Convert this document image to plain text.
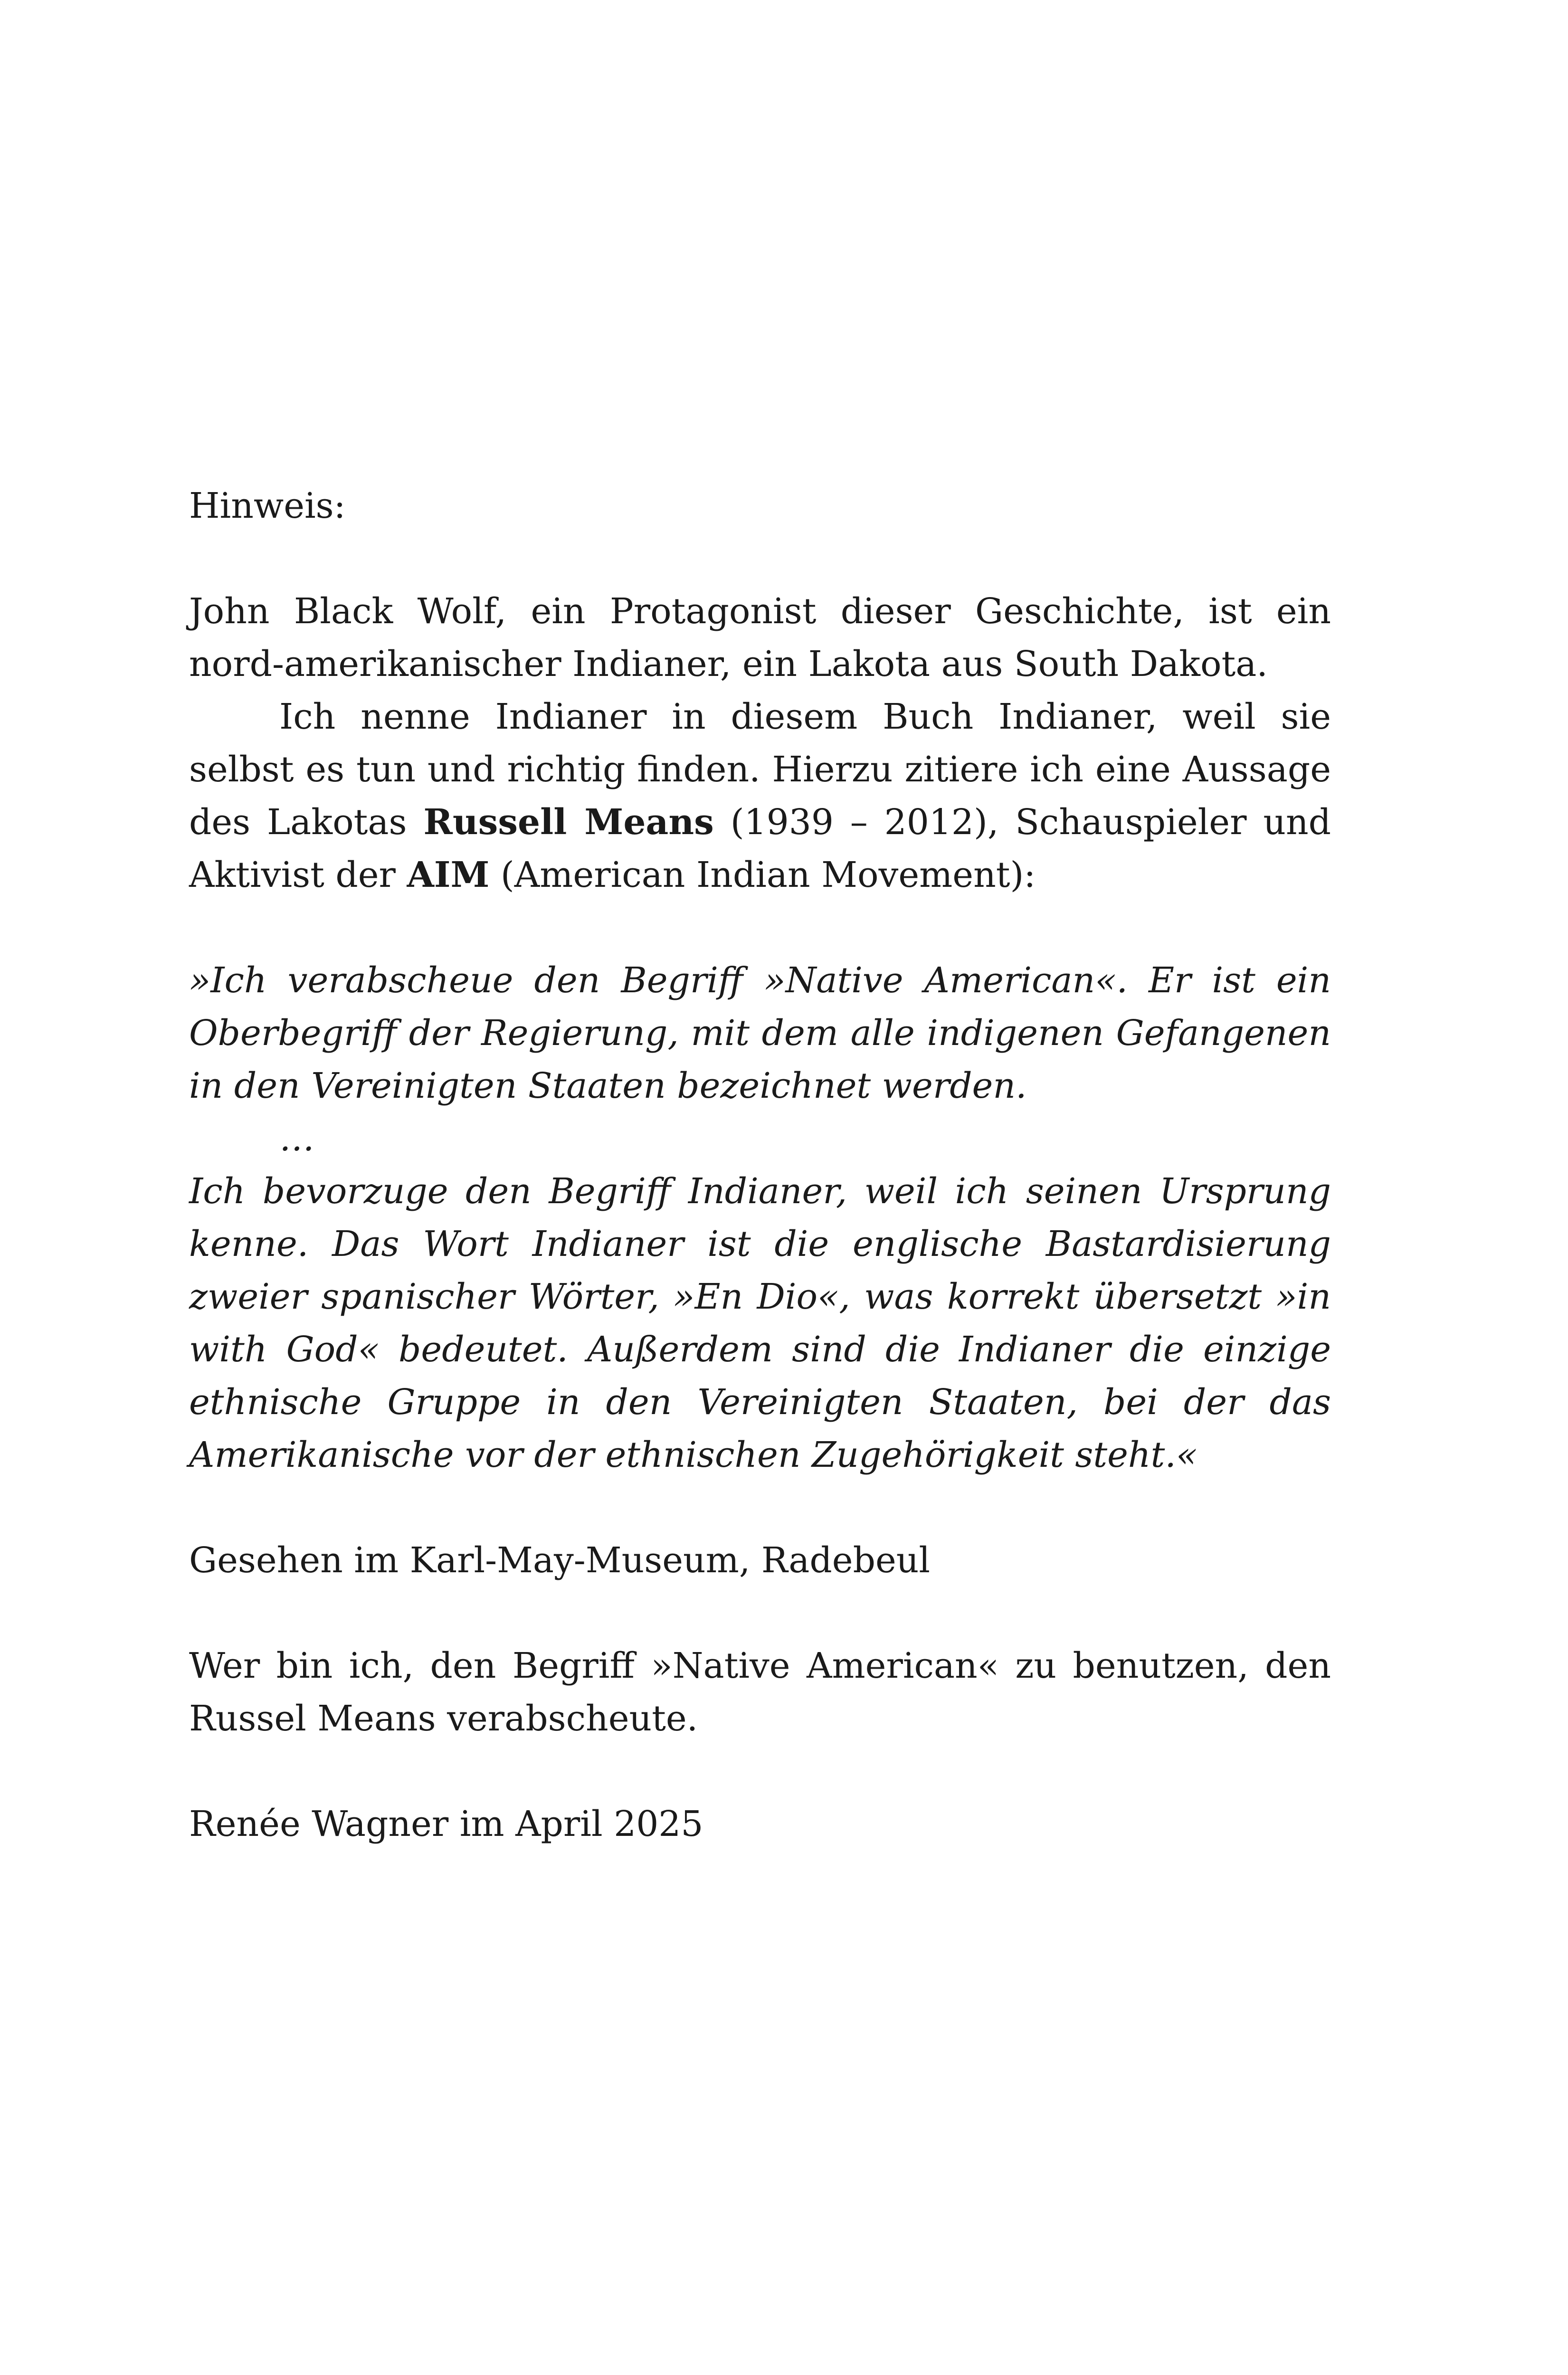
Hinweis:

John Black Wolf, ein Protagonist dieser Geschichte, ist ein nord-amerikanischer Indianer, ein Lakota aus South Dakota.

Ich nenne Indianer in diesem Buch Indianer, weil sie selbst es tun und richtig finden. Hierzu zitiere ich eine Aussage des Lakotas Russell Means (1939 – 2012), Schauspieler und Aktivist der AIM (American Indian Movement):

»Ich verabscheue den Begriff »Native American«. Er ist ein Oberbegriff der Regierung, mit dem alle indigenen Gefangenen in den Vereinigten Staaten bezeichnet werden.

…

Ich bevorzuge den Begriff Indianer, weil ich seinen Ursprung kenne. Das Wort Indianer ist die englische Bastardisierung zweier spanischer Wörter, »En Dio«, was korrekt übersetzt »in with God« bedeutet. Außerdem sind die Indianer die einzige ethnische Gruppe in den Vereinigten Staaten, bei der das Amerikanische vor der ethnischen Zugehörigkeit steht.«

Gesehen im Karl-May-Museum, Radebeul

Wer bin ich, den Begriff »Native American« zu benutzen, den Russel Means verabscheute.

Renée Wagner im April 2025
